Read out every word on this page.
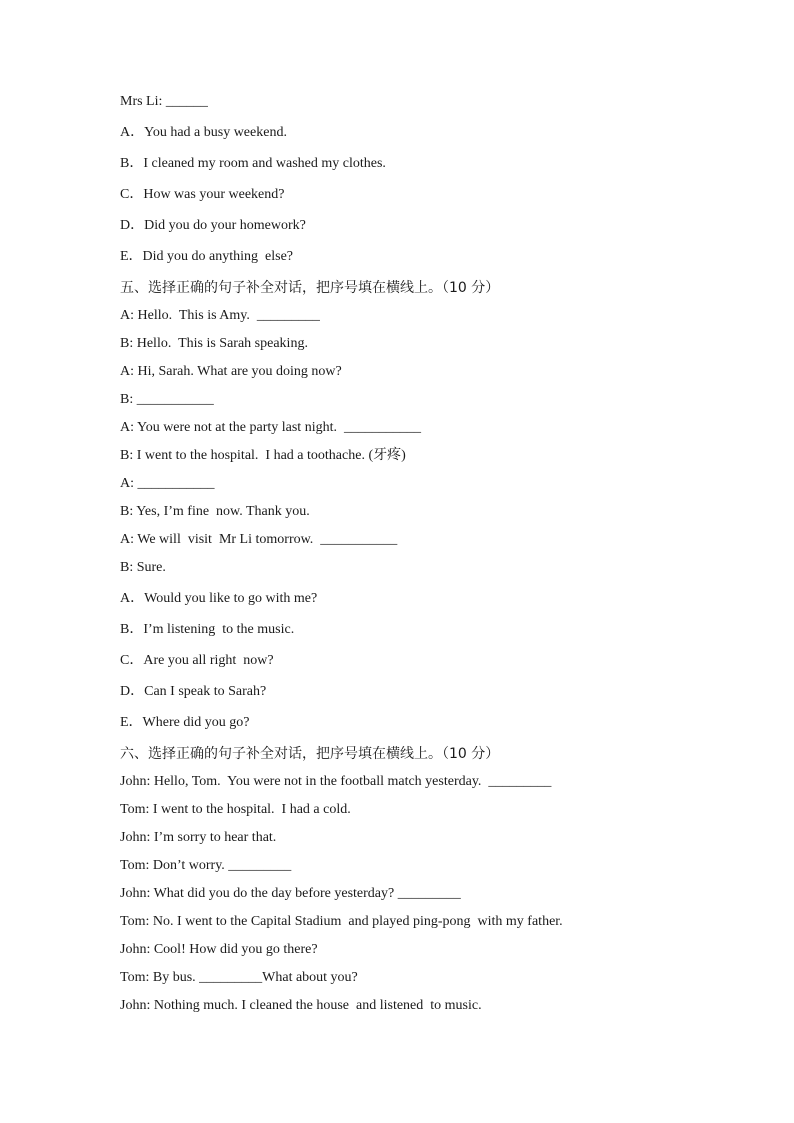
Mrs Li: ______
A．You had a busy weekend.
B．I cleaned my room and washed my clothes.
C．How was your weekend?
D．Did you do your homework?
E．Did you do anything  else?
五、选择正确的句子补全对话，把序号填在横线上。（10 分）
A: Hello.  This is Amy.  _________
B: Hello.  This is Sarah speaking.
A: Hi, Sarah. What are you doing now?
B: ___________
A: You were not at the party last night.  ___________
B: I went to the hospital.  I had a toothache. (牙疼)
A: ___________
B: Yes, I’m fine  now. Thank you.
A: We will  visit  Mr Li tomorrow.  ___________
B: Sure.
A．Would you like to go with me?
B．I’m listening  to the music.
C．Are you all right  now?
D．Can I speak to Sarah?
E．Where did you go?
六、选择正确的句子补全对话，把序号填在横线上。（10 分）
John: Hello, Tom.  You were not in the football match yesterday.  _________
Tom: I went to the hospital.  I had a cold.
John: I’m sorry to hear that.
Tom: Don’t worry. _________
John: What did you do the day before yesterday? _________
Tom: No. I went to the Capital Stadium  and played ping-pong  with my father.
John: Cool! How did you go there?
Tom: By bus. _________What about you?
John: Nothing much. I cleaned the house  and listened  to music.
